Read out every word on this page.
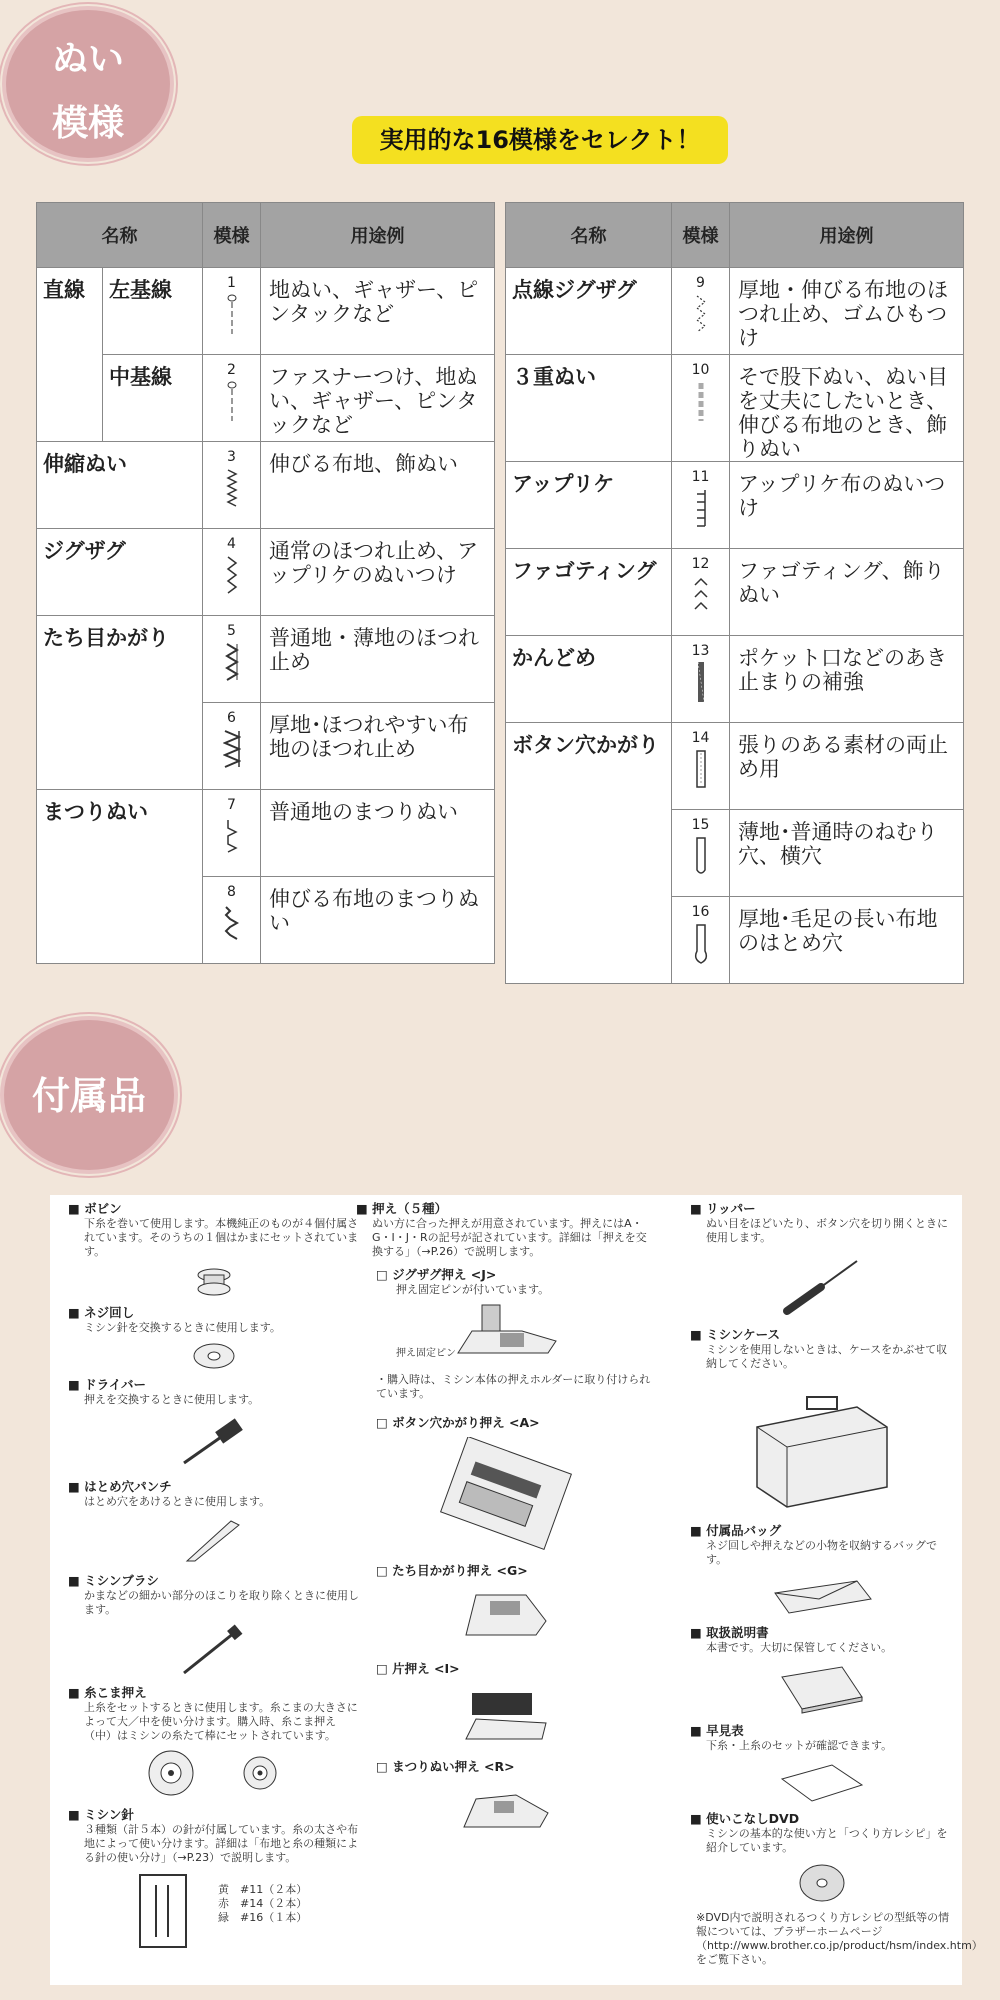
ぬい
模様	実用的な16模様をセレクト！
名称		模様	用途例
直線	左基線	1	地ぬい、ギャザー、ピンタックなど
	中基線	2	ファスナーつけ、地ぬい、ギャザー、ピンタックなど
伸縮ぬい		3	伸びる布地、飾ぬい
ジグザグ		4	通常のほつれ止め、アップリケのぬいつけ
たち目かがり		5	普通地・薄地のほつれ止め

		6	厚地･ほつれやすい布地のほつれ止め
まつりぬい		7	普通地のまつりぬい

		8	伸びる布地のまつりぬい
名称	模様	用途例
点線ジグザグ	9	厚地・伸びる布地のほつれ止め、ゴムひもつけ
３重ぬい	10	そで股下ぬい、ぬい目を丈夫にしたいとき、伸びる布地のとき、飾りぬい
アップリケ	11	アップリケ布のぬいつけ
ファゴティング	12	ファゴティング、飾りぬい
かんどめ	13	ポケット口などのあき止まりの補強
ボタン穴かがり	14	張りのある素材の両止め用

	15	薄地･普通時のねむり穴、横穴

	16	厚地･毛足の長い布地のはとめ穴
付属品

■ ボビン

下糸を巻いて使用します。本機純正のものが４個付属されています。そのうちの１個はかまにセットされています。

■ ネジ回し

ミシン針を交換するときに使用します。

■ ドライバー

押えを交換するときに使用します。

■ はとめ穴パンチ

はとめ穴をあけるときに使用します。

■ ミシンブラシ

かまなどの細かい部分のほこりを取り除くときに使用します。

■ 糸こま押え

上糸をセットするときに使用します。糸こまの大きさによって大／中を使い分けます。購入時、糸こま押え（中）はミシンの糸たて棒にセットされています。

■ ミシン針

３種類（計５本）の針が付属しています。糸の太さや布地によって使い分けます。詳細は「布地と糸の種類による針の使い分け」（→P.23）で説明します。

黄　#11（２本）
赤　#14（２本）
緑　#16（１本）

■ 押え（５種）

ぬい方に合った押えが用意されています。押えにはA・G・I・J・Rの記号が記されています。詳細は「押えを交換する」（→P.26）で説明します。

□ ジグザグ押え <J>

押え固定ピンが付いています。

押え固定ピン

・購入時は、ミシン本体の押えホルダーに取り付けられています。

□ ボタン穴かがり押え <A>

□ たち目かがり押え <G>

□ 片押え <I>

□ まつりぬい押え <R>

■ リッパー

ぬい目をほどいたり、ボタン穴を切り開くときに使用します。

■ ミシンケース

ミシンを使用しないときは、ケースをかぶせて収納してください。

■ 付属品バッグ

ネジ回しや押えなどの小物を収納するバッグです。

■ 取扱説明書

本書です。大切に保管してください。

■ 早見表

下糸・上糸のセットが確認できます。

■ 使いこなしDVD

ミシンの基本的な使い方と「つくり方レシピ」を紹介しています。

※DVD内で説明されるつくり方レシピの型紙等の情報については、ブラザーホームページ（http://www.brother.co.jp/product/hsm/index.htm）をご覧下さい。
